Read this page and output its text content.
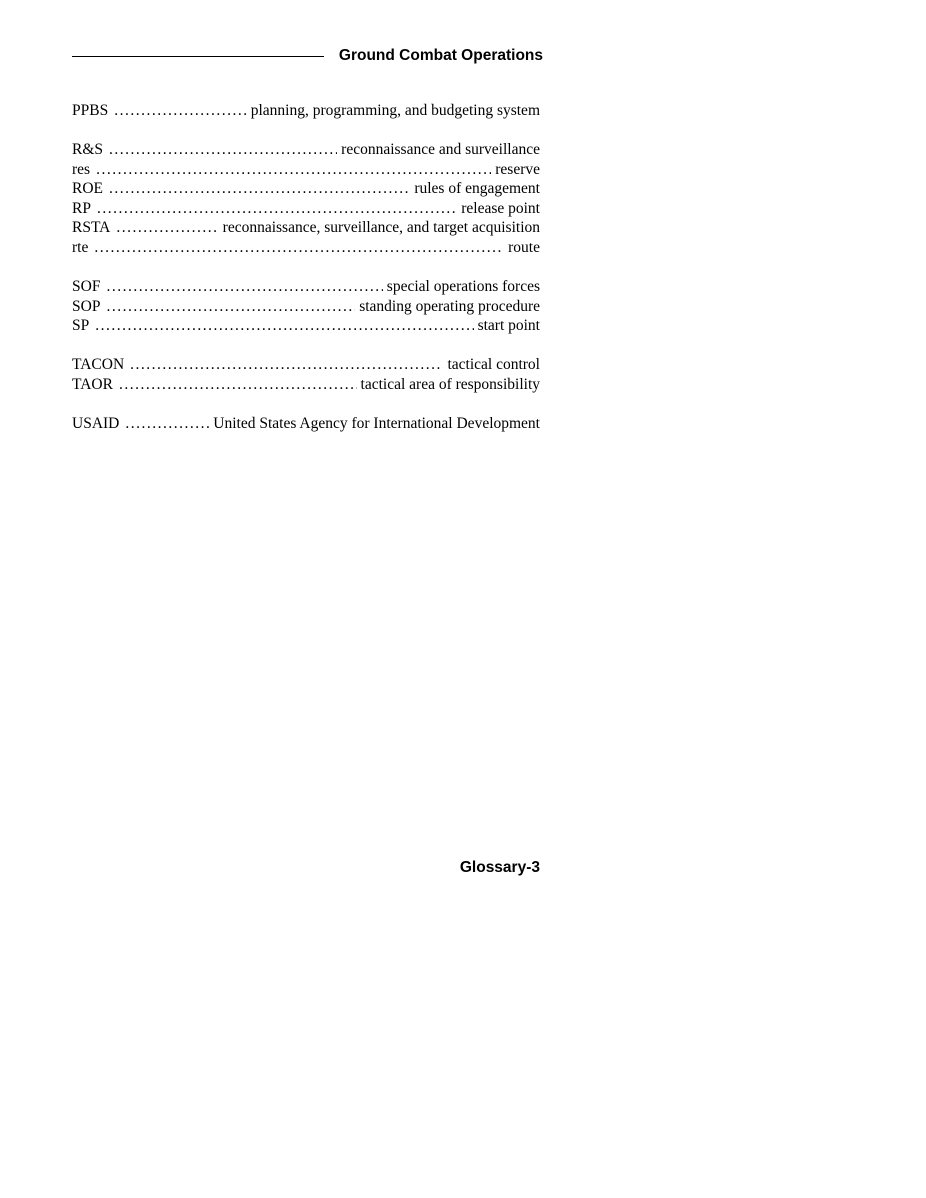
Ground Combat Operations
PPBS .....	planning, programming, and budgeting system
R&S .....	reconnaissance and surveillance
res .....	reserve
ROE .....	rules of engagement
RP .....	release point
RSTA .....	reconnaissance, surveillance, and target acquisition
rte .....	route
SOF .....	special operations forces
SOP .....	standing operating procedure
SP .....	start point
TACON .....	tactical control
TAOR .....	tactical area of responsibility
USAID .....	United States Agency for International Development
Glossary-3
